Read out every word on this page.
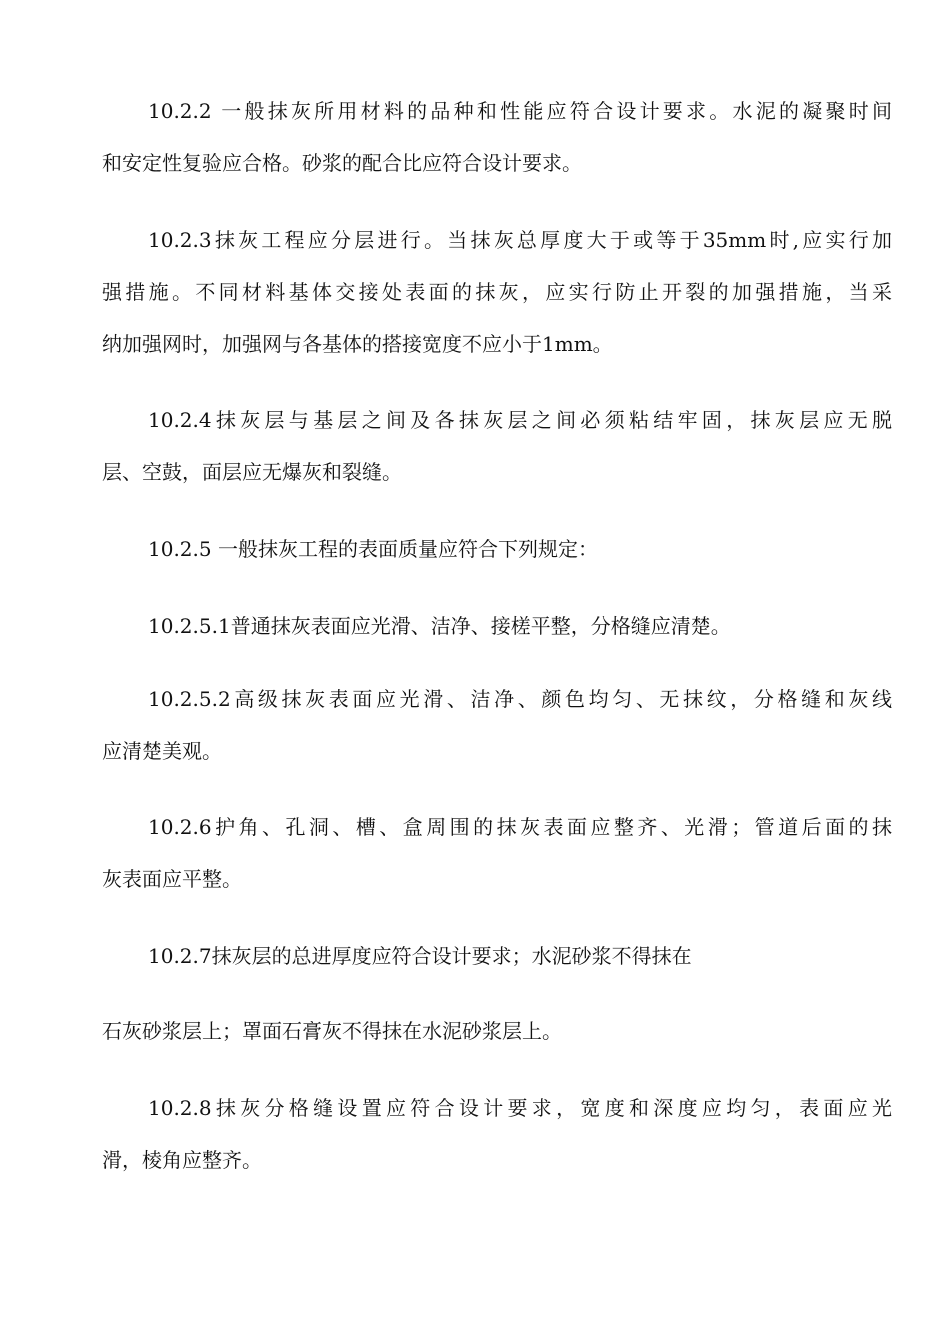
10.2.2 一般抹灰所用材料的品种和性能应符合设计要求。水泥的凝聚时间

和安定性复验应合格。砂浆的配合比应符合设计要求。

10.2.3抹灰工程应分层进行。当抹灰总厚度大于或等于35mm时,应实行加

强措施。不同材料基体交接处表面的抹灰，应实行防止开裂的加强措施，当采

纳加强网时，加强网与各基体的搭接宽度不应小于1mm。

10.2.4抹灰层与基层之间及各抹灰层之间必须粘结牢固，抹灰层应无脱

层、空鼓，面层应无爆灰和裂缝。

10.2.5 一般抹灰工程的表面质量应符合下列规定：

10.2.5.1普通抹灰表面应光滑、洁净、接槎平整，分格缝应清楚。

10.2.5.2高级抹灰表面应光滑、洁净、颜色均匀、无抹纹，分格缝和灰线

应清楚美观。

10.2.6护角、孔洞、槽、盒周围的抹灰表面应整齐、光滑；管道后面的抹

灰表面应平整。

10.2.7抹灰层的总进厚度应符合设计要求；水泥砂浆不得抹在

石灰砂浆层上；罩面石膏灰不得抹在水泥砂浆层上。

10.2.8抹灰分格缝设置应符合设计要求，宽度和深度应均匀，表面应光

滑，棱角应整齐。
